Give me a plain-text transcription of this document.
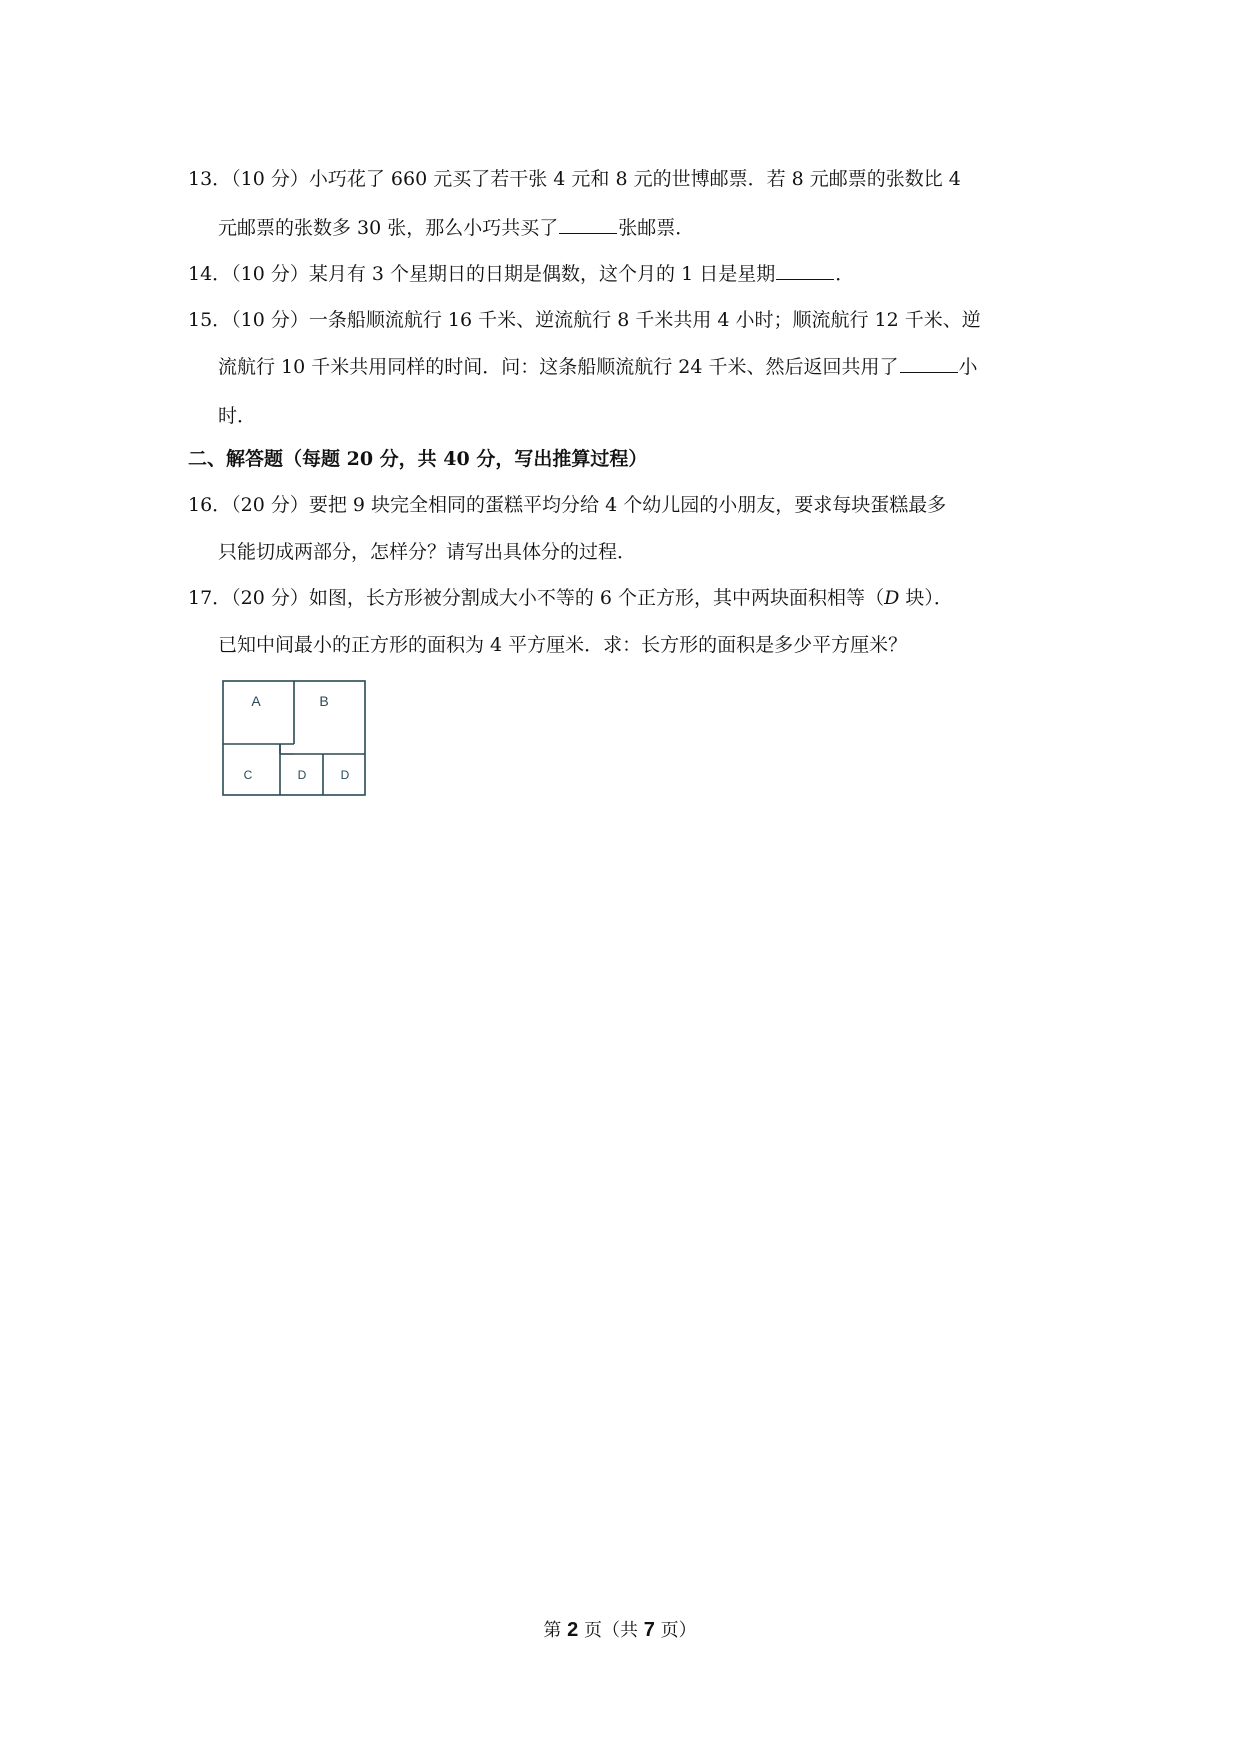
13．（10 分）小巧花了 660 元买了若干张 4 元和 8 元的世博邮票．若 8 元邮票的张数比 4
元邮票的张数多 30 张，那么小巧共买了	张邮票．
14．（10 分）某月有 3 个星期日的日期是偶数，这个月的 1 日是星期	．
15．（10 分）一条船顺流航行 16 千米、逆流航行 8 千米共用 4 小时；顺流航行 12 千米、逆
流航行 10 千米共用同样的时间．问：这条船顺流航行 24 千米、然后返回共用了	小
时．
二、解答题（每题 20 分，共 40 分，写出推算过程）
16．（20 分）要把 9 块完全相同的蛋糕平均分给 4 个幼儿园的小朋友，要求每块蛋糕最多
只能切成两部分，怎样分？请写出具体分的过程．
17．（20 分）如图，长方形被分割成大小不等的 6 个正方形，其中两块面积相等（D 块）．
已知中间最小的正方形的面积为 4 平方厘米．求：长方形的面积是多少平方厘米？
A	B
C	D	D
第 2 页（共 7 页）
